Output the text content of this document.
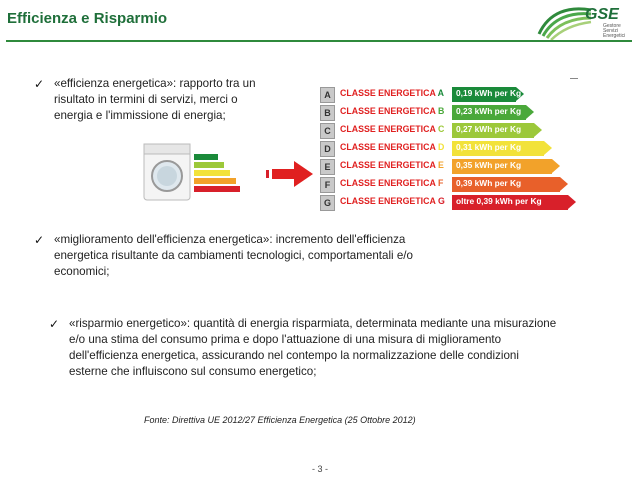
Efficienza e Risparmio	GSE
Gestore
Servizi
Energetici
✓ «efficienza energetica»: rapporto tra un risultato in termini di servizi, merci o energia e l'immissione di energia;
A	CLASSE ENERGETICA A 0,19 kWh per Kg
B	CLASSE ENERGETICA B 0,23 kWh per Kg
C	CLASSE ENERGETICA C 0,27 kWh per Kg
D	CLASSE ENERGETICA D 0,31 kWh per Kg
E	CLASSE ENERGETICA E 0,35 kWh per Kg
F	CLASSE ENERGETICA F 0,39 kWh per Kg
G	CLASSE ENERGETICA G oltre 0,39 kWh per Kg
✓ «miglioramento dell'efficienza energetica»: incremento dell'efficienza energetica risultante da cambiamenti tecnologici, comportamentali e/o economici;
✓ «risparmio energetico»: quantità di energia risparmiata, determinata mediante una misurazione e/o una stima del consumo prima e dopo l'attuazione di una misura di miglioramento dell'efficienza energetica, assicurando nel contempo la normalizzazione delle condizioni esterne che influiscono sul consumo energetico;
Fonte: Direttiva UE 2012/27 Efficienza Energetica (25 Ottobre 2012)
- 3 -
